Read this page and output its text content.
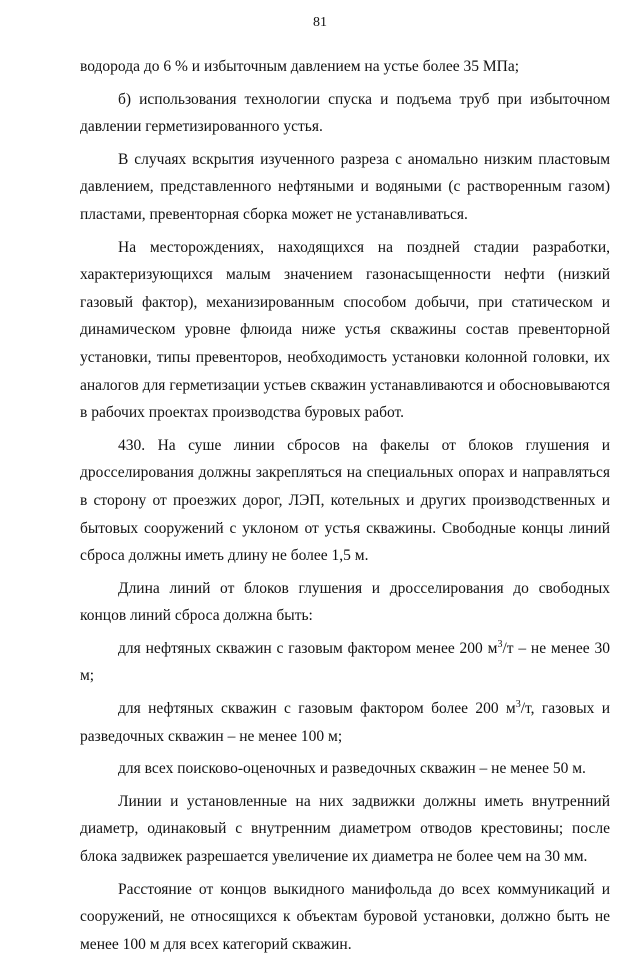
81

водорода до 6 % и избыточным давлением на устье более 35 МПа;

б) использования технологии спуска и подъема труб при избыточном давлении герметизированного устья.

В случаях вскрытия изученного разреза с аномально низким пластовым давлением, представленного нефтяными и водяными (с растворенным газом) пластами, превенторная сборка может не устанавливаться.

На месторождениях, находящихся на поздней стадии разработки, характеризующихся малым значением газонасыщенности нефти (низкий газовый фактор), механизированным способом добычи, при статическом и динамическом уровне флюида ниже устья скважины состав превенторной установки, типы превенторов, необходимость установки колонной головки, их аналогов для герметизации устьев скважин устанавливаются и обосновываются в рабочих проектах производства буровых работ.

430. На суше линии сбросов на факелы от блоков глушения и дросселирования должны закрепляться на специальных опорах и направляться в сторону от проезжих дорог, ЛЭП, котельных и других производственных и бытовых сооружений с уклоном от устья скважины. Свободные концы линий сброса должны иметь длину не более 1,5 м.

Длина линий от блоков глушения и дросселирования до свободных концов линий сброса должна быть:

для нефтяных скважин с газовым фактором менее 200 $м^3/т$ – не менее 30 м;

для нефтяных скважин с газовым фактором более 200 $м^3/т$, газовых и разведочных скважин – не менее 100 м;

для всех поисково-оценочных и разведочных скважин – не менее 50 м.

Линии и установленные на них задвижки должны иметь внутренний диаметр, одинаковый с внутренним диаметром отводов крестовины; после блока задвижек разрешается увеличение их диаметра не более чем на 30 мм.

Расстояние от концов выкидного манифольда до всех коммуникаций и сооружений, не относящихся к объектам буровой установки, должно быть не менее 100 м для всех категорий скважин.
